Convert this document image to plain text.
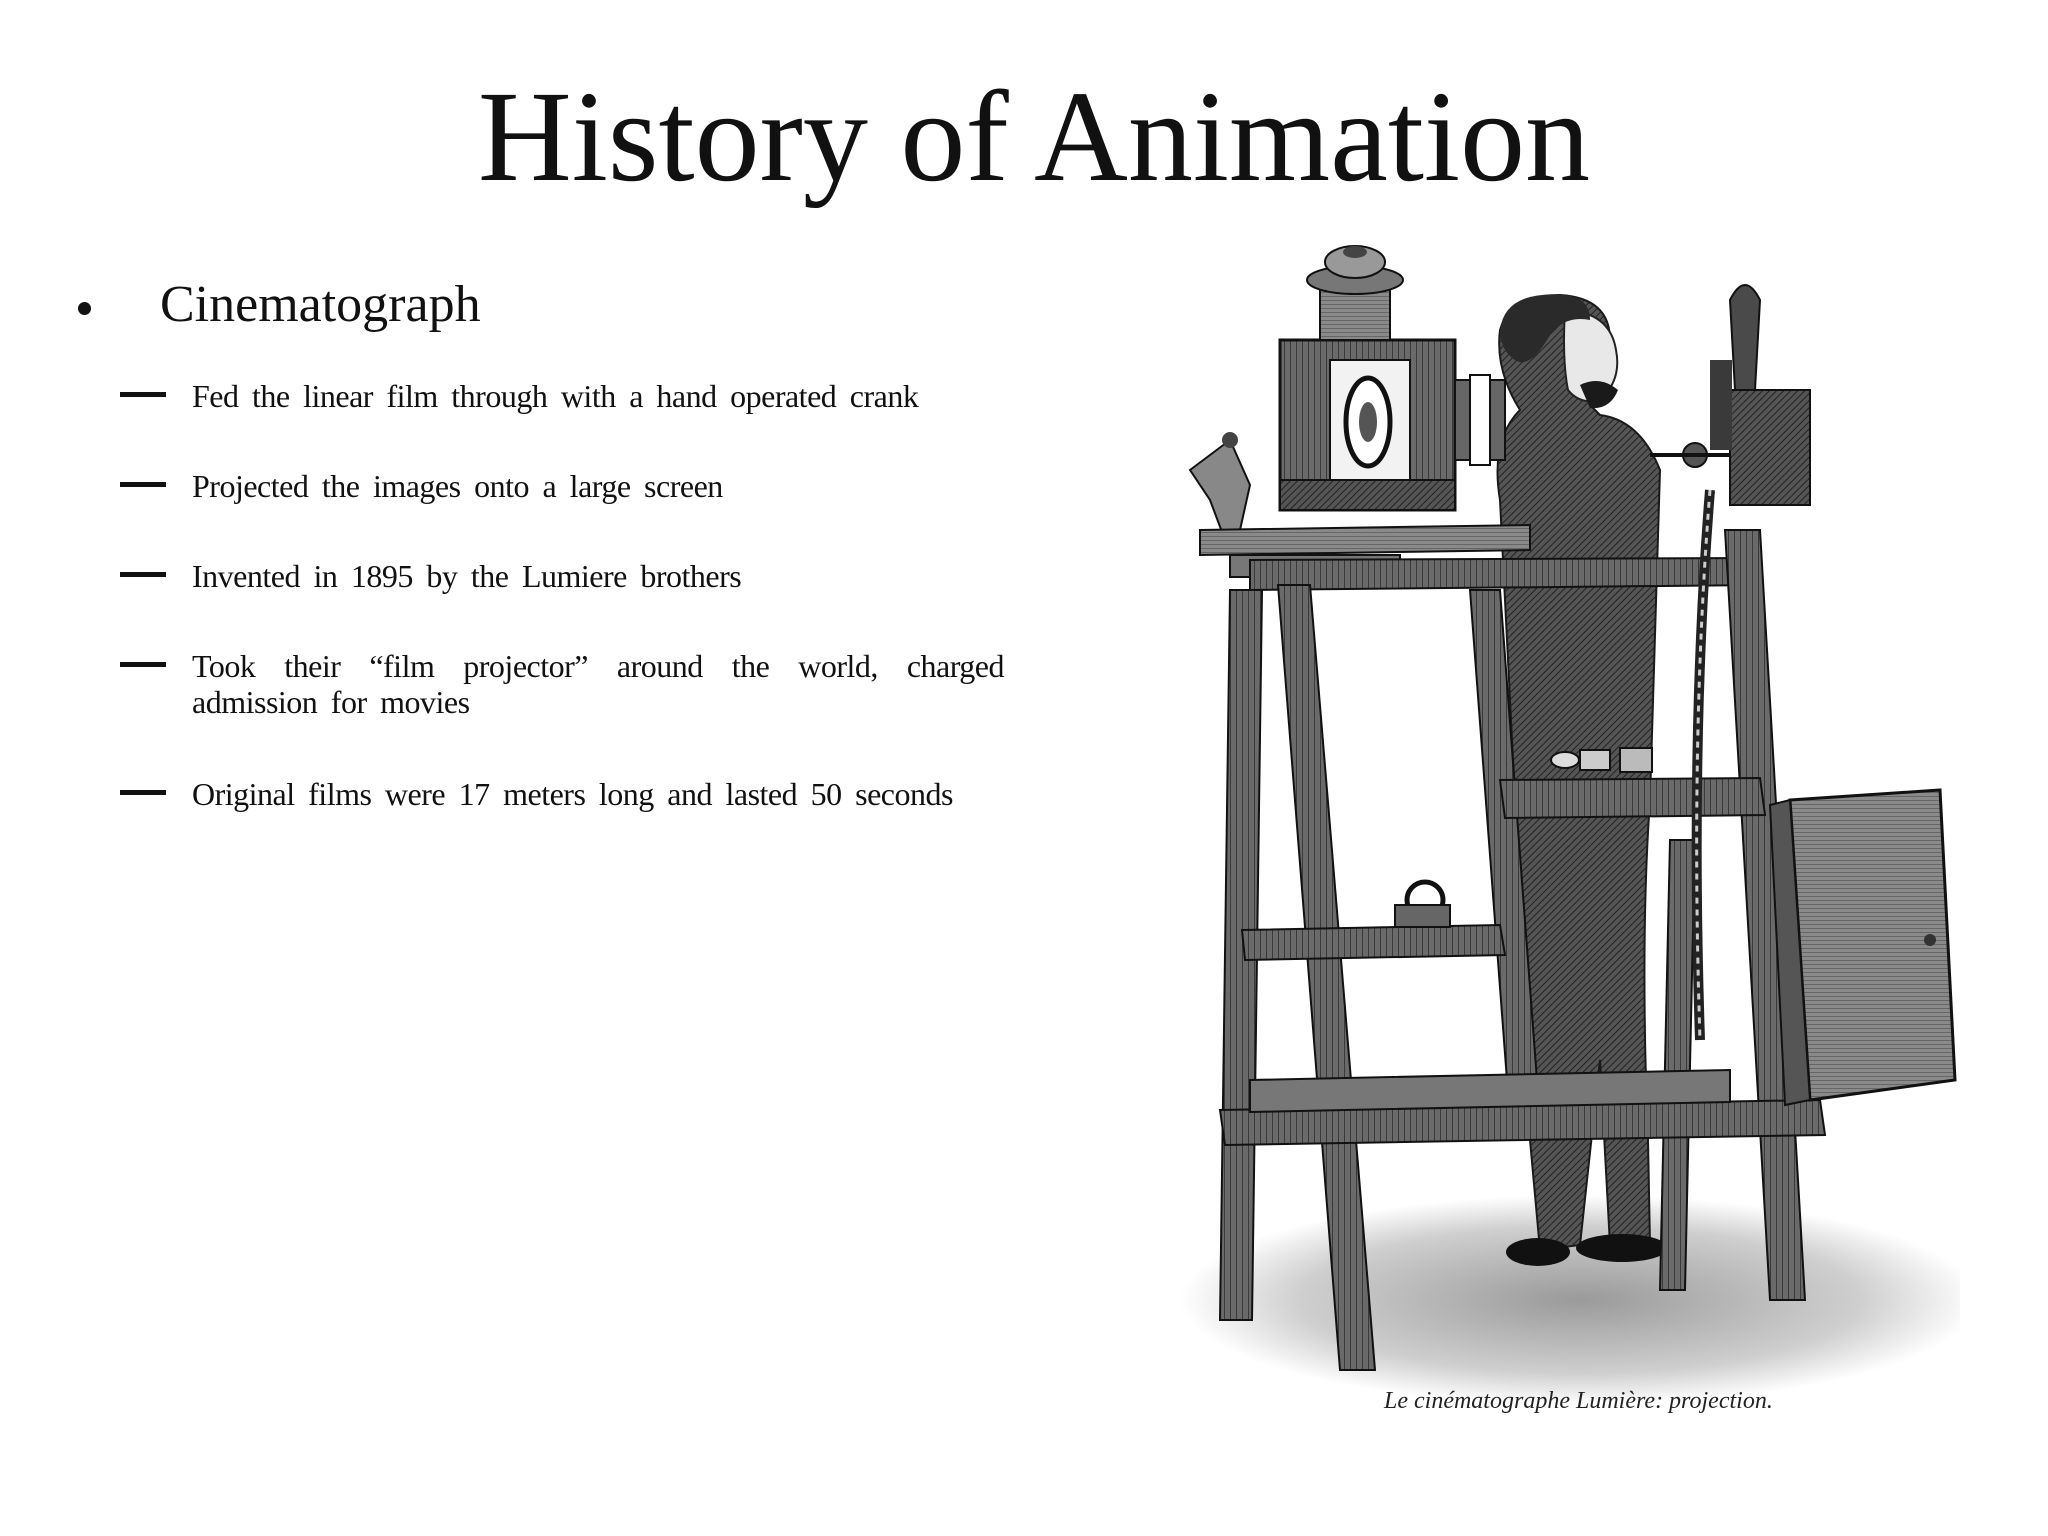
History of Animation
Cinematograph
Fed the linear film through with a hand operated crank
Projected the images onto a large screen
Invented in 1895 by the Lumiere brothers
Took their “film projector” around the world, charged admission for movies
Original films were 17 meters long and lasted 50 seconds
Le cinématographe Lumière: projection.
